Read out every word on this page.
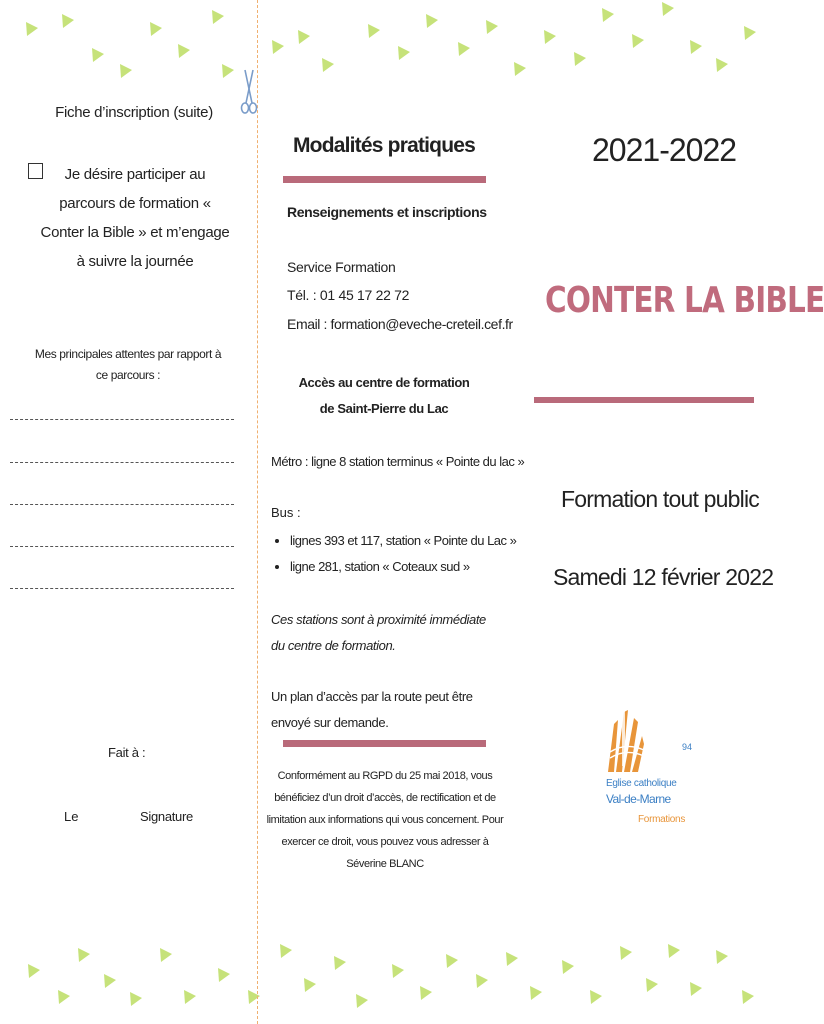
Fiche d’inscription (suite)
Je désire participer au parcours de formation « Conter la Bible » et m’engage à suivre la journée
Mes principales attentes par rapport à ce parcours :
Fait à :
Le	Signature
Modalités pratiques
Renseignements et inscriptions
Service Formation
Tél. : 01 45 17 22 72
Email : formation@eveche-creteil.cef.fr
Accès au centre de formation
de Saint-Pierre du Lac
Métro : ligne 8 station terminus « Pointe du lac »
Bus :
• lignes 393 et 117, station « Pointe du Lac »
• ligne 281, station « Coteaux sud »
Ces stations sont à proximité immédiate du centre de formation.
Un plan d’accès par la route peut être envoyé sur demande.
Conformément au RGPD du 25 mai 2018, vous bénéficiez d’un droit d’accès, de rectification et de limitation aux informations qui vous concernent. Pour exercer ce droit, vous pouvez vous adresser à Séverine BLANC
2021-2022
CONTER LA BIBLE
Formation tout public
Samedi 12 février 2022
94
Eglise catholique
Val-de-Marne
Formations
